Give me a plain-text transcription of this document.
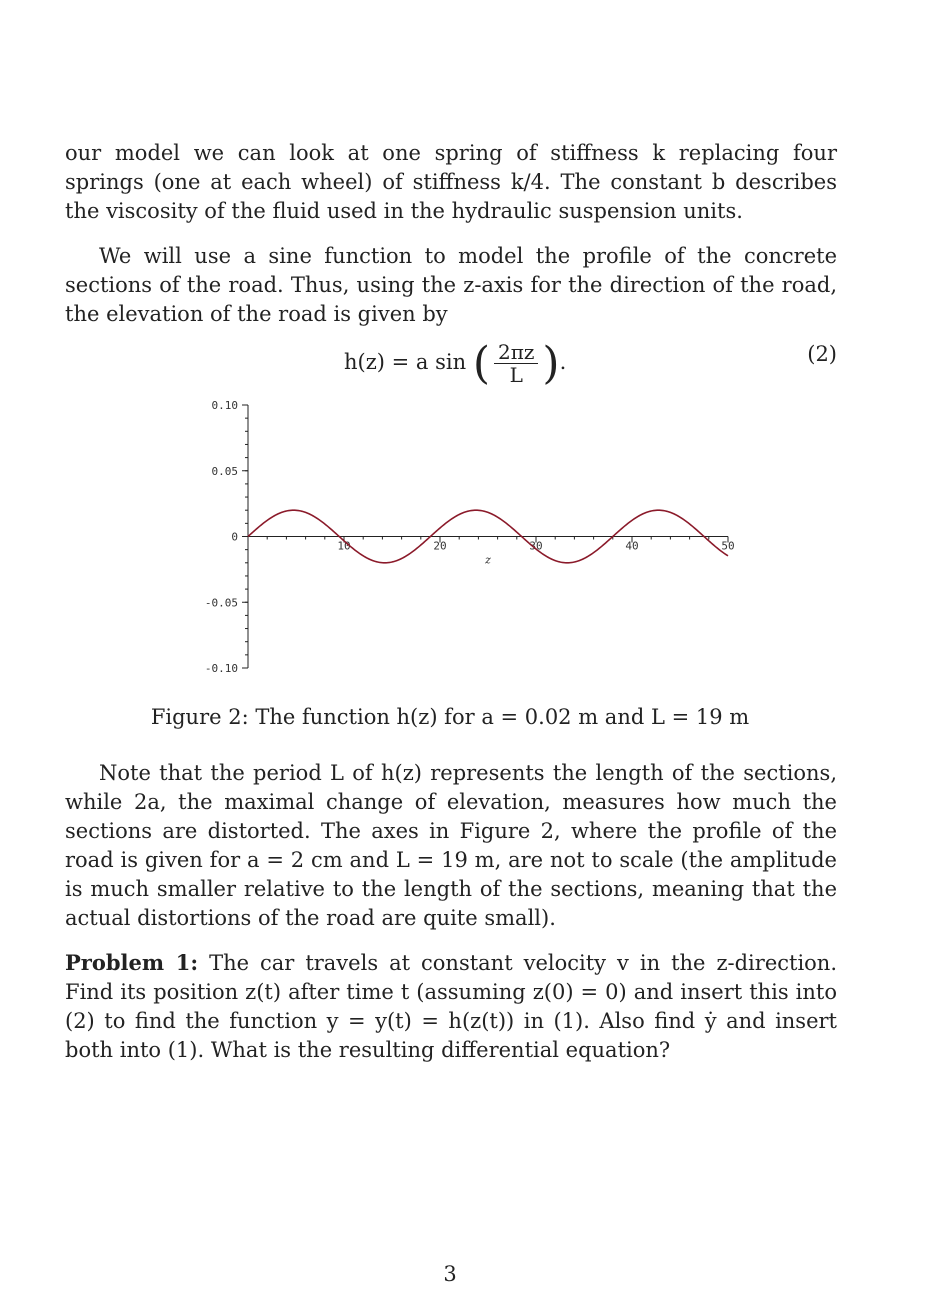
our model we can look at one spring of stiffness k replacing four springs (one at each wheel) of stiffness k/4. The constant b describes the viscosity of the fluid used in the hydraulic suspension units.

We will use a sine function to model the profile of the concrete sections of the road. Thus, using the z-axis for the direction of the road, the elevation of the road is given by

h(z) = a sin ( $\frac{2\pi z}{L}$ ).	(2)
0.10
0.05
0
-0.05
-0.10
10	20	30	40	50
z
Figure 2: The function h(z) for a = 0.02 m and L = 19 m

Note that the period L of h(z) represents the length of the sections, while 2a, the maximal change of elevation, measures how much the sections are distorted. The axes in Figure 2, where the profile of the road is given for a = 2 cm and L = 19 m, are not to scale (the amplitude is much smaller relative to the length of the sections, meaning that the actual distortions of the road are quite small).

Problem 1: The car travels at constant velocity v in the z-direction. Find its position z(t) after time t (assuming z(0) = 0) and insert this into (2) to find the function y = y(t) = h(z(t)) in (1). Also find ẏ and insert both into (1). What is the resulting differential equation?

3
